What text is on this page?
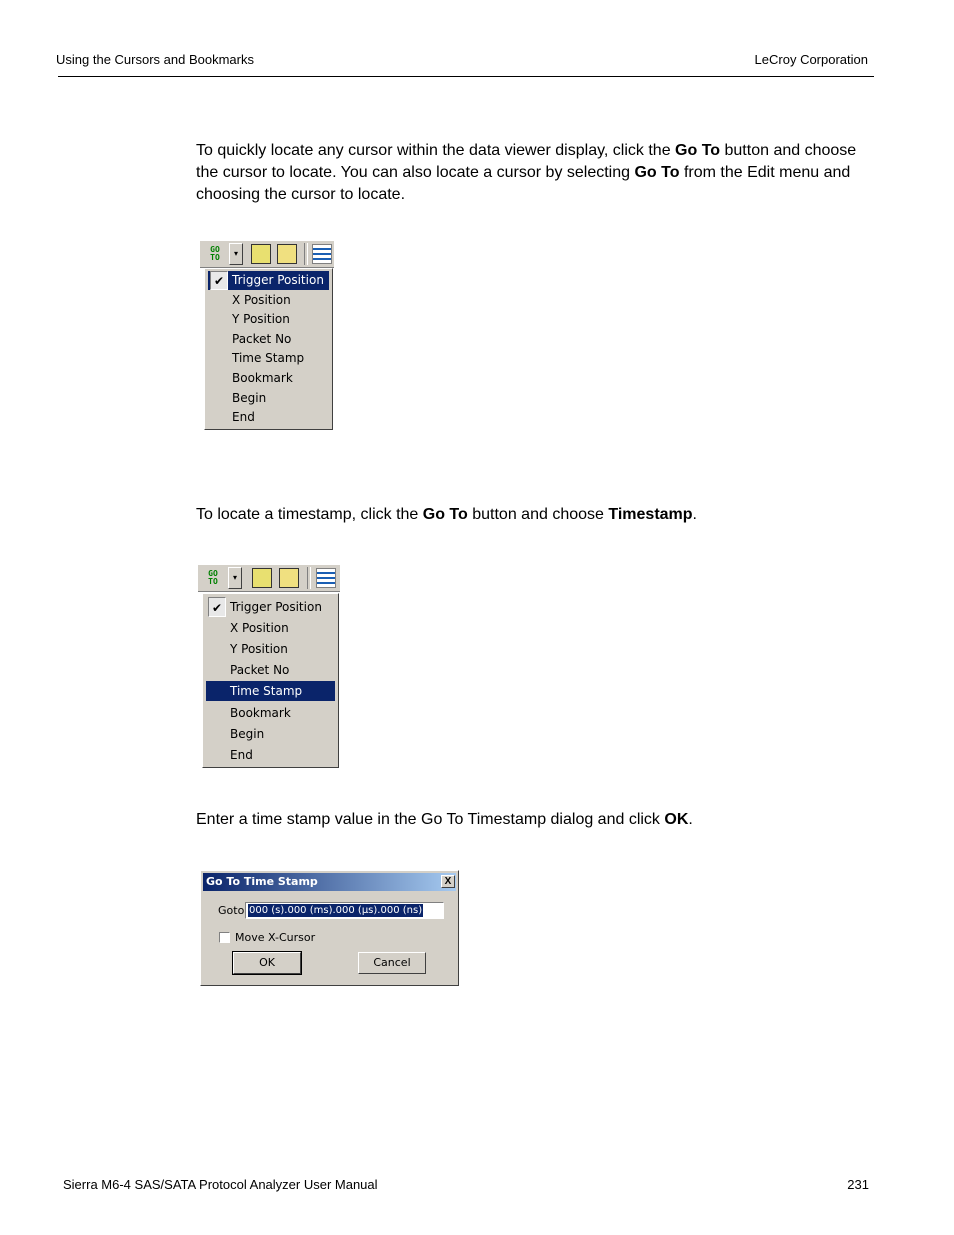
Using the Cursors and Bookmarks	LeCroy Corporation
To quickly locate any cursor within the data viewer display, click the Go To button and choose the cursor to locate. You can also locate a cursor by selecting Go To from the Edit menu and choosing the cursor to locate.
GO
TO	▾
✔ Trigger Position
X Position
Y Position
Packet No
Time Stamp
Bookmark
Begin
End
To locate a timestamp, click the Go To button and choose Timestamp.
GO
TO	▾
✔ Trigger Position
X Position
Y Position
Packet No
Time Stamp
Bookmark
Begin
End
Enter a time stamp value in the Go To Timestamp dialog and click OK.
Go To Time Stamp	X
Goto 000 (s).000 (ms).000 (µs).000 (ns)
Move X-Cursor
OK	Cancel
Sierra M6-4 SAS/SATA Protocol Analyzer User Manual	231
